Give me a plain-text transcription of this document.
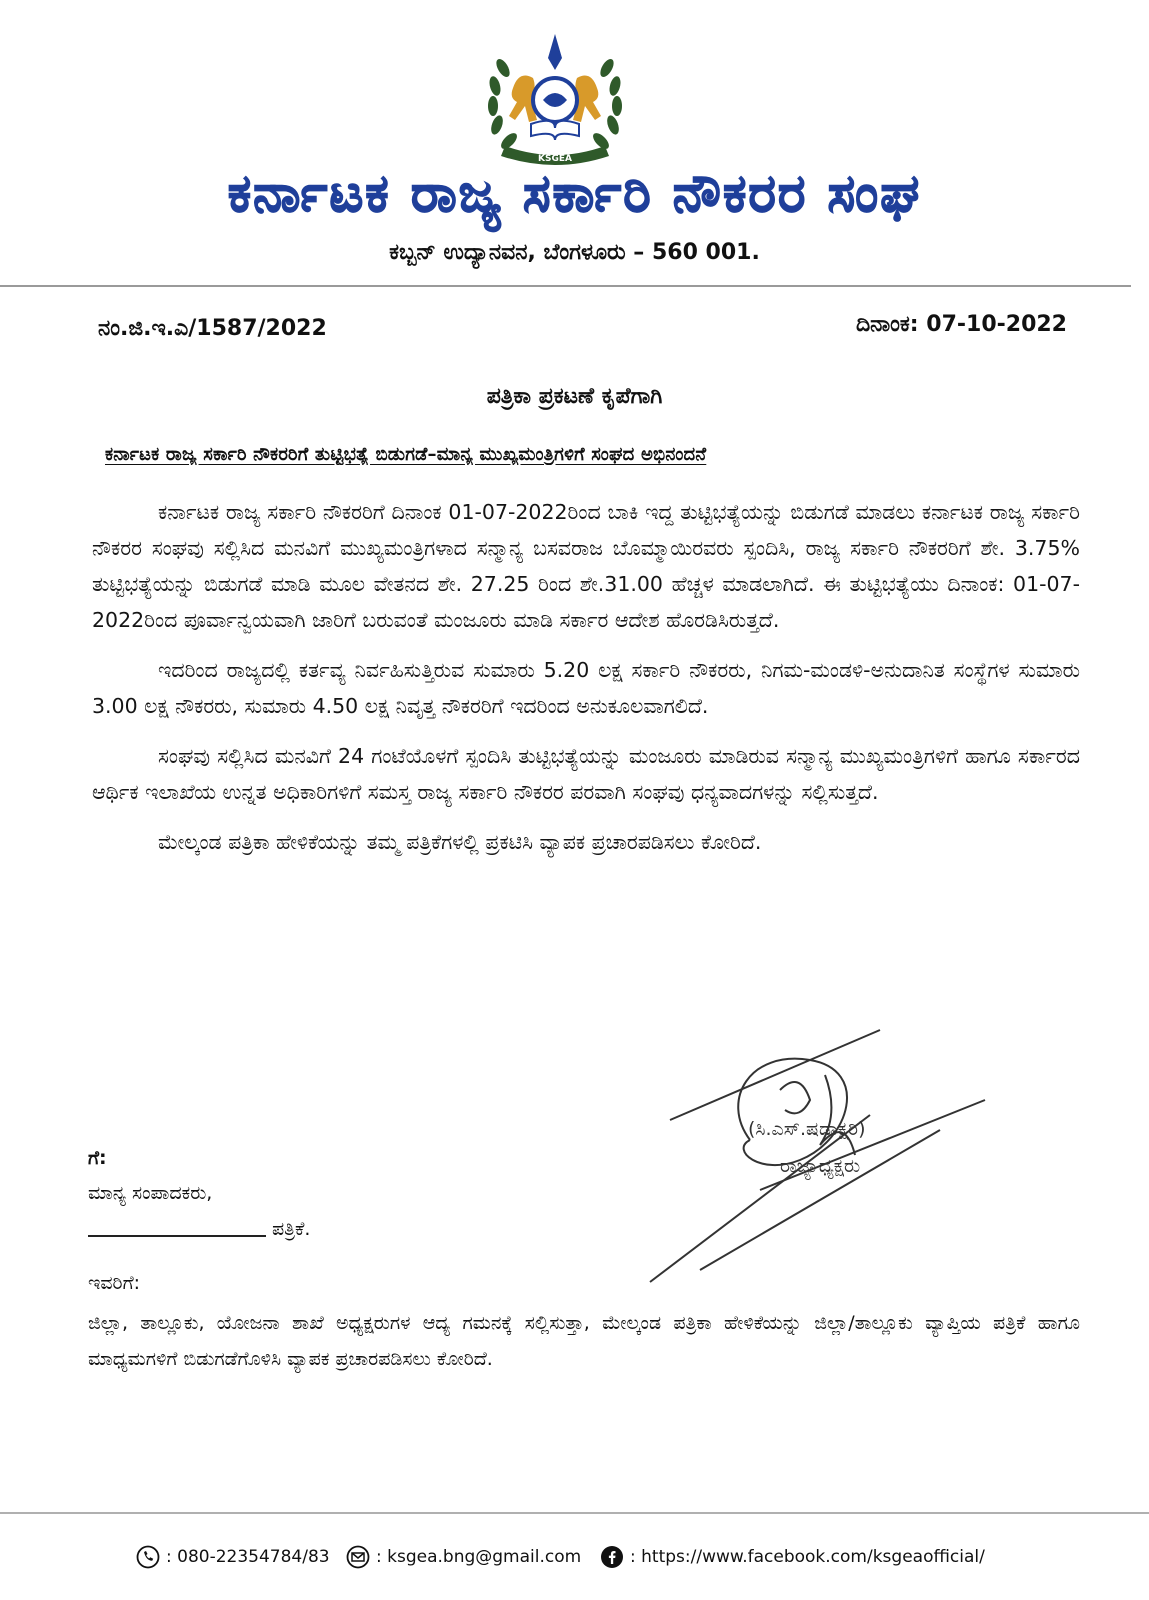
KSGEA
ಕರ್ನಾಟಕ ರಾಜ್ಯ ಸರ್ಕಾರಿ ನೌಕರರ ಸಂಘ
ಕಬ್ಬನ್ ಉದ್ಯಾನವನ, ಬೆಂಗಳೂರು – 560 001.
ನಂ.ಜಿ.ಇ.ಎ/1587/2022	ದಿನಾಂಕ: 07-10-2022
ಪತ್ರಿಕಾ ಪ್ರಕಟಣೆ ಕೃಪೆಗಾಗಿ
ಕರ್ನಾಟಕ ರಾಜ್ಯ ಸರ್ಕಾರಿ ನೌಕರರಿಗೆ ತುಟ್ಟಿಭತ್ಯೆ ಬಿಡುಗಡೆ–ಮಾನ್ಯ ಮುಖ್ಯಮಂತ್ರಿಗಳಿಗೆ ಸಂಘದ ಅಭಿನಂದನೆ

ಕರ್ನಾಟಕ ರಾಜ್ಯ ಸರ್ಕಾರಿ ನೌಕರರಿಗೆ ದಿನಾಂಕ 01-07-2022ರಿಂದ ಬಾಕಿ ಇದ್ದ ತುಟ್ಟಿಭತ್ಯೆಯನ್ನು ಬಿಡುಗಡೆ ಮಾಡಲು ಕರ್ನಾಟಕ ರಾಜ್ಯ ಸರ್ಕಾರಿ ನೌಕರರ ಸಂಘವು ಸಲ್ಲಿಸಿದ ಮನವಿಗೆ ಮುಖ್ಯಮಂತ್ರಿಗಳಾದ ಸನ್ಮಾನ್ಯ ಬಸವರಾಜ ಬೊಮ್ಮಾಯಿರವರು ಸ್ಪಂದಿಸಿ, ರಾಜ್ಯ ಸರ್ಕಾರಿ ನೌಕರರಿಗೆ ಶೇ. 3.75% ತುಟ್ಟಿಭತ್ಯೆಯನ್ನು ಬಿಡುಗಡೆ ಮಾಡಿ ಮೂಲ ವೇತನದ ಶೇ. 27.25 ರಿಂದ ಶೇ.31.00 ಹೆಚ್ಚಳ ಮಾಡಲಾಗಿದೆ. ಈ ತುಟ್ಟಿಭತ್ಯೆಯು ದಿನಾಂಕ: 01-07-2022ರಿಂದ ಪೂರ್ವಾನ್ವಯವಾಗಿ ಜಾರಿಗೆ ಬರುವಂತೆ ಮಂಜೂರು ಮಾಡಿ ಸರ್ಕಾರ ಆದೇಶ ಹೊರಡಿಸಿರುತ್ತದೆ.

ಇದರಿಂದ ರಾಜ್ಯದಲ್ಲಿ ಕರ್ತವ್ಯ ನಿರ್ವಹಿಸುತ್ತಿರುವ ಸುಮಾರು 5.20 ಲಕ್ಷ ಸರ್ಕಾರಿ ನೌಕರರು, ನಿಗಮ-ಮಂಡಳಿ-ಅನುದಾನಿತ ಸಂಸ್ಥೆಗಳ ಸುಮಾರು 3.00 ಲಕ್ಷ ನೌಕರರು, ಸುಮಾರು 4.50 ಲಕ್ಷ ನಿವೃತ್ತ ನೌಕರರಿಗೆ ಇದರಿಂದ ಅನುಕೂಲವಾಗಲಿದೆ.

ಸಂಘವು ಸಲ್ಲಿಸಿದ ಮನವಿಗೆ 24 ಗಂಟೆಯೊಳಗೆ ಸ್ಪಂದಿಸಿ ತುಟ್ಟಿಭತ್ಯೆಯನ್ನು ಮಂಜೂರು ಮಾಡಿರುವ ಸನ್ಮಾನ್ಯ ಮುಖ್ಯಮಂತ್ರಿಗಳಿಗೆ ಹಾಗೂ ಸರ್ಕಾರದ ಆರ್ಥಿಕ ಇಲಾಖೆಯ ಉನ್ನತ ಅಧಿಕಾರಿಗಳಿಗೆ ಸಮಸ್ತ ರಾಜ್ಯ ಸರ್ಕಾರಿ ನೌಕರರ ಪರವಾಗಿ ಸಂಘವು ಧನ್ಯವಾದಗಳನ್ನು ಸಲ್ಲಿಸುತ್ತದೆ.

ಮೇಲ್ಕಂಡ ಪತ್ರಿಕಾ ಹೇಳಿಕೆಯನ್ನು ತಮ್ಮ ಪತ್ರಿಕೆಗಳಲ್ಲಿ ಪ್ರಕಟಿಸಿ ವ್ಯಾಪಕ ಪ್ರಚಾರಪಡಿಸಲು ಕೋರಿದೆ.

(ಸಿ.ಎಸ್.ಷಡಾಕ್ಷರಿ)
ರಾಜ್ಯಾಧ್ಯಕ್ಷರು
ಗೆ:
ಮಾನ್ಯ ಸಂಪಾದಕರು,
ಪತ್ರಿಕೆ.
ಇವರಿಗೆ:
ಜಿಲ್ಲಾ, ತಾಲ್ಲೂಕು, ಯೋಜನಾ ಶಾಖೆ ಅಧ್ಯಕ್ಷರುಗಳ ಆದ್ಯ ಗಮನಕ್ಕೆ ಸಲ್ಲಿಸುತ್ತಾ, ಮೇಲ್ಕಂಡ ಪತ್ರಿಕಾ ಹೇಳಿಕೆಯನ್ನು ಜಿಲ್ಲಾ/ತಾಲ್ಲೂಕು ವ್ಯಾಪ್ತಿಯ ಪತ್ರಿಕೆ ಹಾಗೂ ಮಾಧ್ಯಮಗಳಿಗೆ ಬಿಡುಗಡೆಗೊಳಿಸಿ ವ್ಯಾಪಕ ಪ್ರಚಾರಪಡಿಸಲು ಕೋರಿದೆ.
: 080-22354784/83	: ksgea.bng@gmail.com	: https://www.facebook.com/ksgeaofficial/
